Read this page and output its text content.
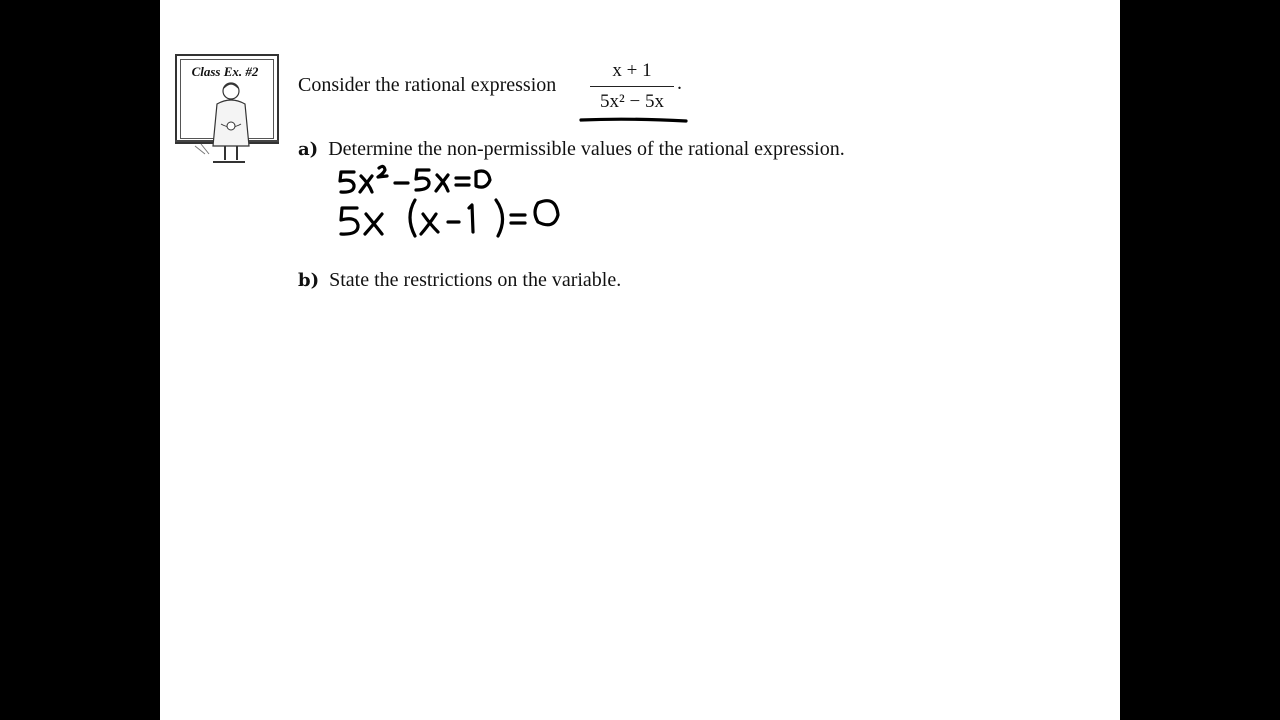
Class Ex. #2
Consider the rational expression
x + 1
5x² − 5x
.
a) Determine the non-permissible values of the rational expression.
b) State the restrictions on the variable.
